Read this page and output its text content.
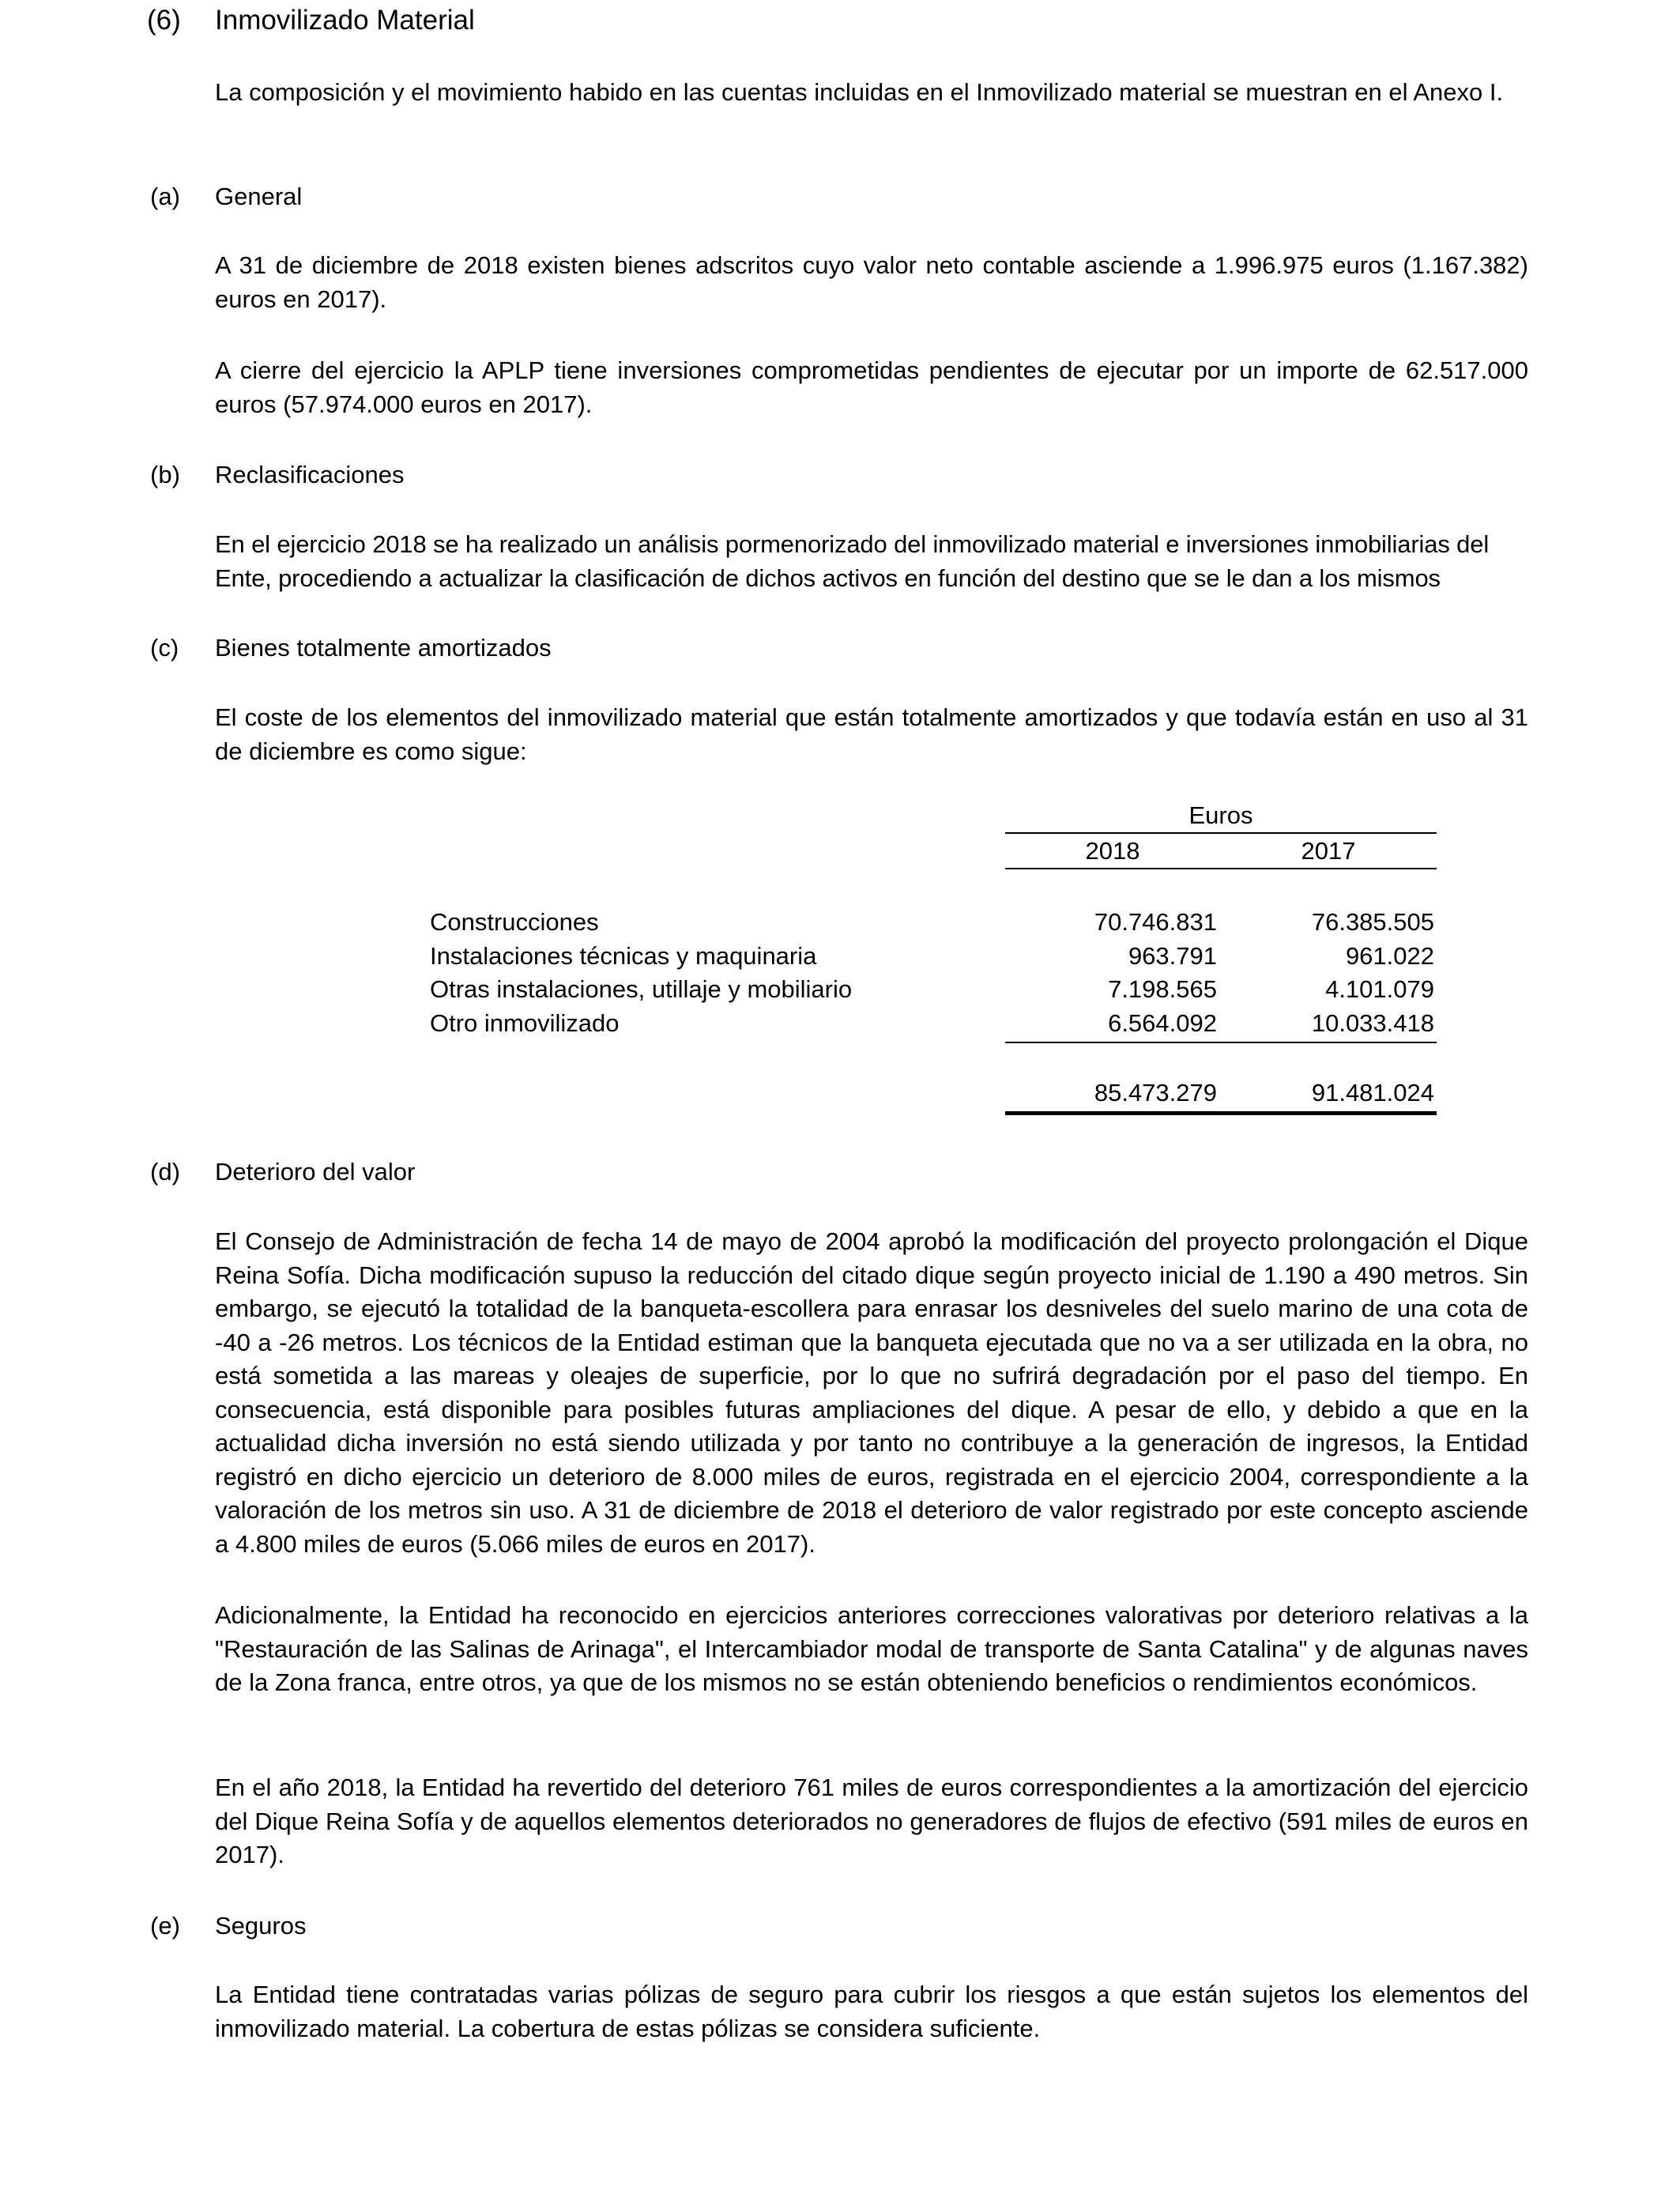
(6) Inmovilizado Material

La composición y el movimiento habido en las cuentas incluidas en el Inmovilizado material se muestran en el Anexo I.

(a) General

A 31 de diciembre de 2018 existen bienes adscritos cuyo valor neto contable asciende a 1.996.975 euros (1.167.382) euros en 2017).

A cierre del ejercicio la APLP tiene inversiones comprometidas pendientes de ejecutar por un importe de 62.517.000 euros (57.974.000 euros en 2017).

(b) Reclasificaciones

En el ejercicio 2018 se ha realizado un análisis pormenorizado del inmovilizado material e inversiones inmobiliarias del Ente, procediendo a actualizar la clasificación de dichos activos en función del destino que se le dan a los mismos

(c) Bienes totalmente amortizados

El coste de los elementos del inmovilizado material que están totalmente amortizados y que todavía están en uso al 31 de diciembre es como sigue:

Euros
2018	2017
Construcciones	70.746.831	76.385.505
Instalaciones técnicas y maquinaria	963.791	961.022
Otras instalaciones, utillaje y mobiliario	7.198.565	4.101.079
Otro inmovilizado	6.564.092	10.033.418
85.473.279	91.481.024
(d) Deterioro del valor

El Consejo de Administración de fecha 14 de mayo de 2004 aprobó la modificación del proyecto prolongación el Dique Reina Sofía. Dicha modificación supuso la reducción del citado dique según proyecto inicial de 1.190 a 490 metros. Sin embargo, se ejecutó la totalidad de la banqueta-escollera para enrasar los desniveles del suelo marino de una cota de -40 a -26 metros. Los técnicos de la Entidad estiman que la banqueta ejecutada que no va a ser utilizada en la obra, no está sometida a las mareas y oleajes de superficie, por lo que no sufrirá degradación por el paso del tiempo. En consecuencia, está disponible para posibles futuras ampliaciones del dique. A pesar de ello, y debido a que en la actualidad dicha inversión no está siendo utilizada y por tanto no contribuye a la generación de ingresos, la Entidad registró en dicho ejercicio un deterioro de 8.000 miles de euros, registrada en el ejercicio 2004, correspondiente a la valoración de los metros sin uso. A 31 de diciembre de 2018 el deterioro de valor registrado por este concepto asciende a 4.800 miles de euros (5.066 miles de euros en 2017).

Adicionalmente, la Entidad ha reconocido en ejercicios anteriores correcciones valorativas por deterioro relativas a la "Restauración de las Salinas de Arinaga", el Intercambiador modal de transporte de Santa Catalina" y de algunas naves de la Zona franca, entre otros, ya que de los mismos no se están obteniendo beneficios o rendimientos económicos.

En el año 2018, la Entidad ha revertido del deterioro 761 miles de euros correspondientes a la amortización del ejercicio del Dique Reina Sofía y de aquellos elementos deteriorados no generadores de flujos de efectivo (591 miles de euros en 2017).

(e) Seguros

La Entidad tiene contratadas varias pólizas de seguro para cubrir los riesgos a que están sujetos los elementos del inmovilizado material. La cobertura de estas pólizas se considera suficiente.
